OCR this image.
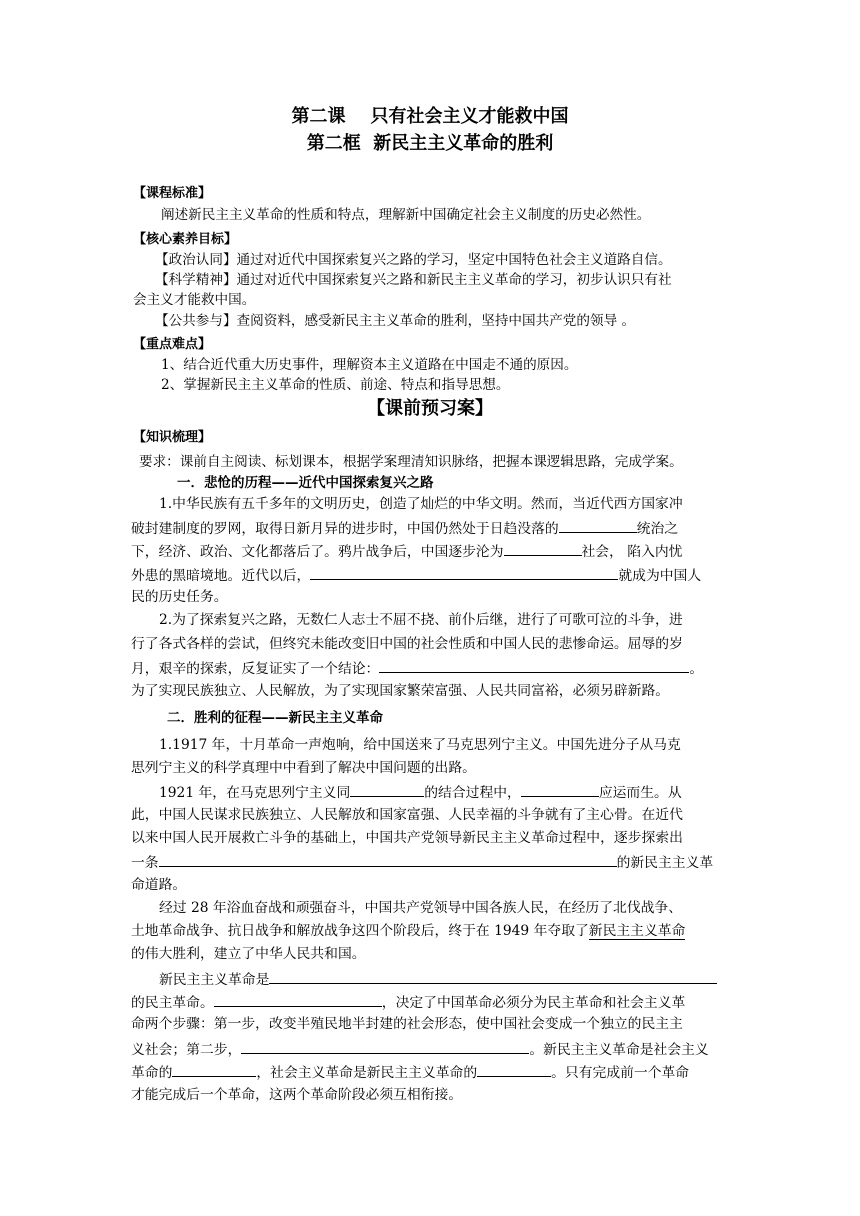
第二课    只有社会主义才能救中国
第二框  新民主主义革命的胜利
【课程标准】
阐述新民主主义革命的性质和特点，理解新中国确定社会主义制度的历史必然性。
【核心素养目标】
【政治认同】通过对近代中国探索复兴之路的学习，坚定中国特色社会主义道路自信。
【科学精神】通过对近代中国探索复兴之路和新民主主义革命的学习，初步认识只有社
会主义才能救中国。
【公共参与】查阅资料，感受新民主主义革命的胜利，坚持中国共产党的领导 。
【重点难点】
1、结合近代重大历史事件，理解资本主义道路在中国走不通的原因。
2、掌握新民主主义革命的性质、前途、特点和指导思想。
【课前预习案】
【知识梳理】
要求：课前自主阅读、标划课本，根据学案理清知识脉络，把握本课逻辑思路，完成学案。
一．悲怆的历程——近代中国探索复兴之路
1.中华民族有五千多年的文明历史，创造了灿烂的中华文明。然而，当近代西方国家冲
破封建制度的罗网，取得日新月异的进步时，中国仍然处于日趋没落的	统治之
下，经济、政治、文化都落后了。鸦片战争后，中国逐步沦为	社会， 陷入内忧
外患的黑暗境地。近代以后，	就成为中国人
民的历史任务。
2.为了探索复兴之路，无数仁人志士不屈不挠、前仆后继，进行了可歌可泣的斗争，进
行了各式各样的尝试，但终究未能改变旧中国的社会性质和中国人民的悲惨命运。屈辱的岁
月，艰辛的探索，反复证实了一个结论：	。
为了实现民族独立、人民解放，为了实现国家繁荣富强、人民共同富裕，必须另辟新路。
二．胜利的征程——新民主主义革命
1.1917 年，十月革命一声炮响，给中国送来了马克思列宁主义。中国先进分子从马克
思列宁主义的科学真理中中看到了解决中国问题的出路。
1921 年，在马克思列宁主义同	的结合过程中，	应运而生。从
此，中国人民谋求民族独立、人民解放和国家富强、人民幸福的斗争就有了主心骨。在近代
以来中国人民开展救亡斗争的基础上，中国共产党领导新民主主义革命过程中，逐步探索出
一条	的新民主主义革
命道路。
经过 28 年浴血奋战和顽强奋斗，中国共产党领导中国各族人民，在经历了北伐战争、
土地革命战争、抗日战争和解放战争这四个阶段后，终于在 1949 年夺取了新民主主义革命
的伟大胜利，建立了中华人民共和国。
新民主主义革命是
的民主革命。	，决定了中国革命必须分为民主革命和社会主义革
命两个步骤：第一步，改变半殖民地半封建的社会形态，使中国社会变成一个独立的民主主
义社会；第二步，	。新民主主义革命是社会主义
革命的	，社会主义革命是新民主主义革命的	。只有完成前一个革命
才能完成后一个革命，这两个革命阶段必须互相衔接。
